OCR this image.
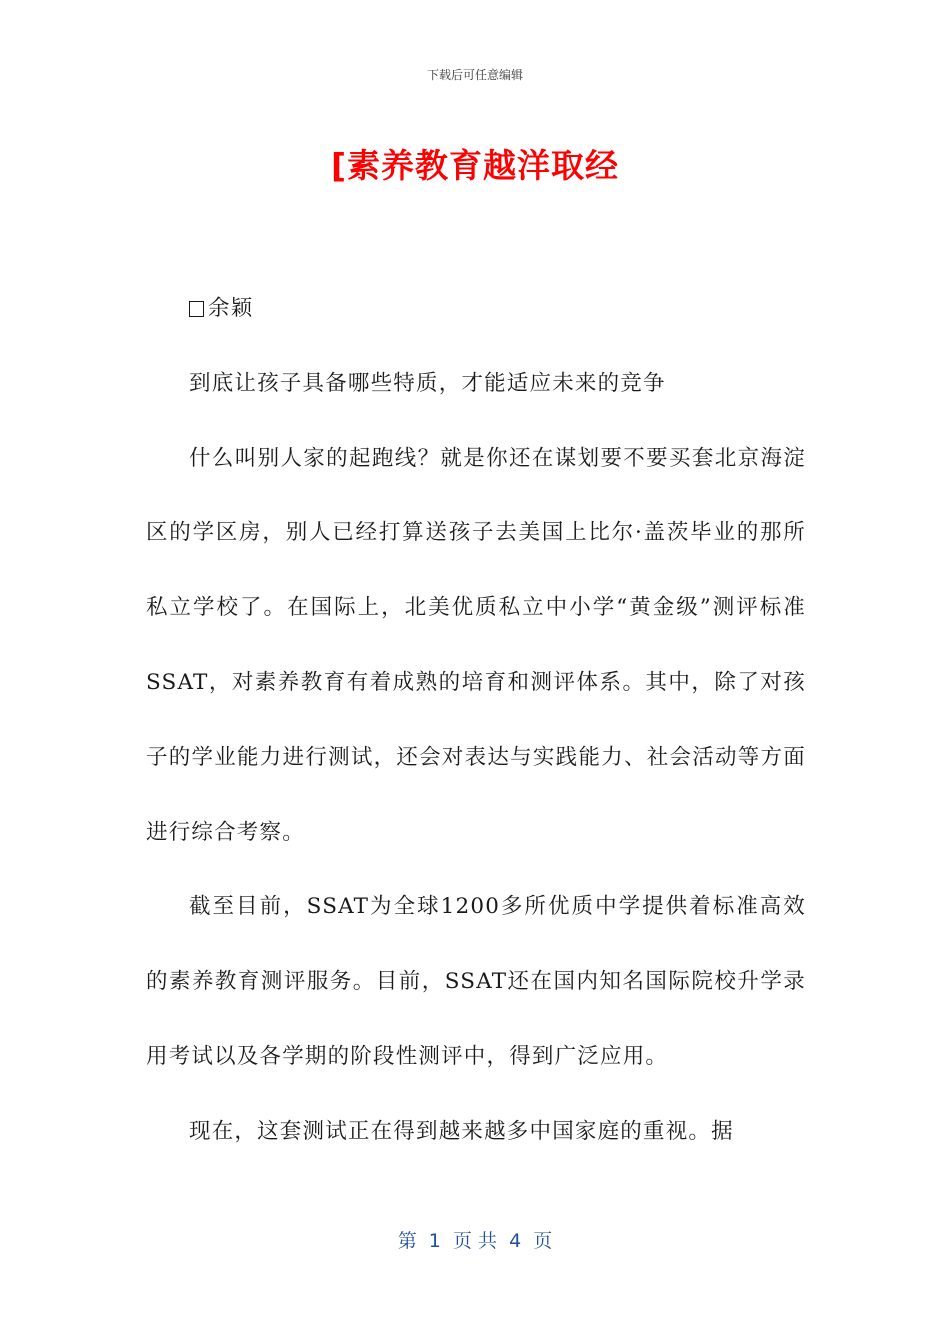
下载后可任意编辑
[素养教育越洋取经

余颖

到底让孩子具备哪些特质，才能适应未来的竞争

什么叫别人家的起跑线？就是你还在谋划要不要买套北京海淀区的学区房，别人已经打算送孩子去美国上比尔·盖茨毕业的那所私立学校了。在国际上，北美优质私立中小学“黄金级”测评标准SSAT，对素养教育有着成熟的培育和测评体系。其中，除了对孩子的学业能力进行测试，还会对表达与实践能力、社会活动等方面进行综合考察。

截至目前，SSAT为全球1200多所优质中学提供着标准高效的素养教育测评服务。目前，SSAT还在国内知名国际院校升学录用考试以及各学期的阶段性测评中，得到广泛应用。

现在，这套测试正在得到越来越多中国家庭的重视。据

第  1  页 共  4  页
